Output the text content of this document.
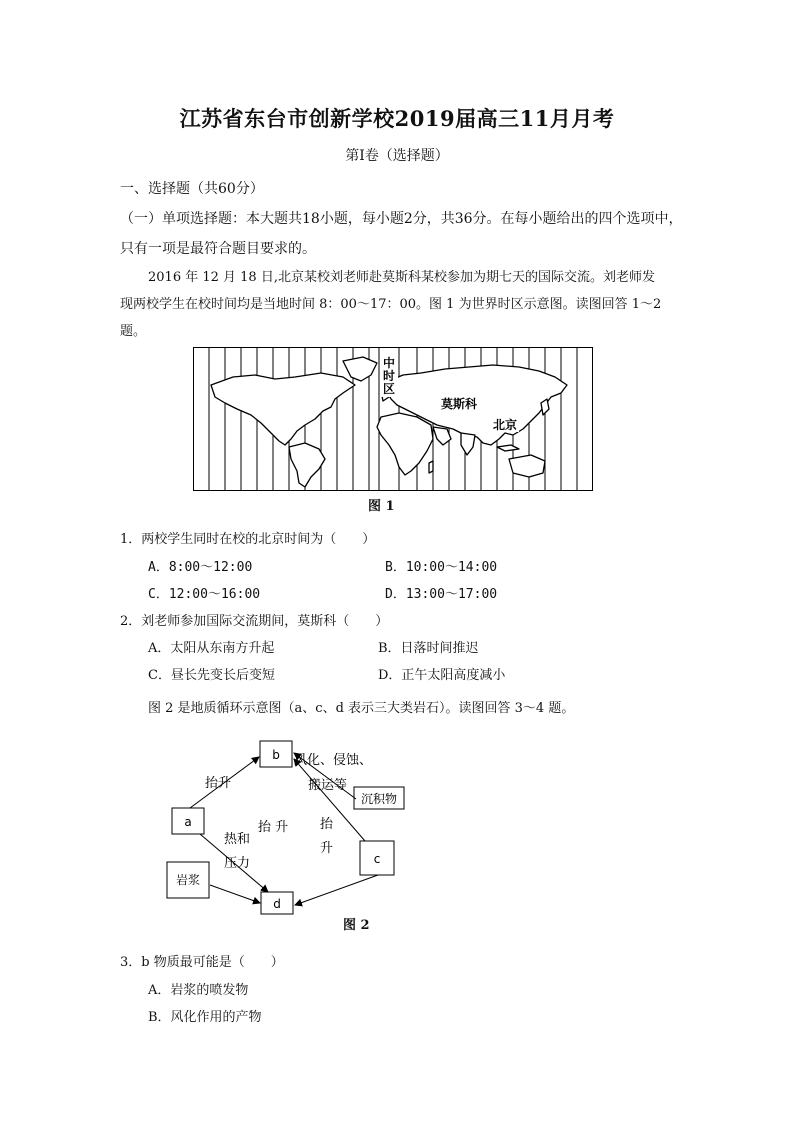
江苏省东台市创新学校2019届高三11月月考
第Ⅰ卷（选择题）
一、选择题（共60分）
（一）单项选择题：本大题共18小题，每小题2分，共36分。在每小题给出的四个选项中，
只有一项是最符合题目要求的。
2016 年 12 月 18 日,北京某校刘老师赴莫斯科某校参加为期七天的国际交流。刘老师发
现两校学生在校时间均是当地时间 8：00～17：00。图 1 为世界时区示意图。读图回答 1～2
题。
中
时
区
莫斯科
北京
图 1
1．两校学生同时在校的北京时间为（　　）
A．8:00～12:00	B．10:00～14:00
C．12:00～16:00	D．13:00～17:00
2．刘老师参加国际交流期间，莫斯科（　　）
A．太阳从东南方升起	B．日落时间推迟
C．昼长先变长后变短	D．正午太阳高度减小
图 2 是地质循环示意图（a、c、d 表示三大类岩石）。读图回答 3～4 题。
b
a
c
d
岩浆
沉积物
抬升
风化、侵蚀、
搬运等
热和
压力
抬 升 抬
升
图 2
3．b 物质最可能是（　　）
A．岩浆的喷发物
B．风化作用的产物
